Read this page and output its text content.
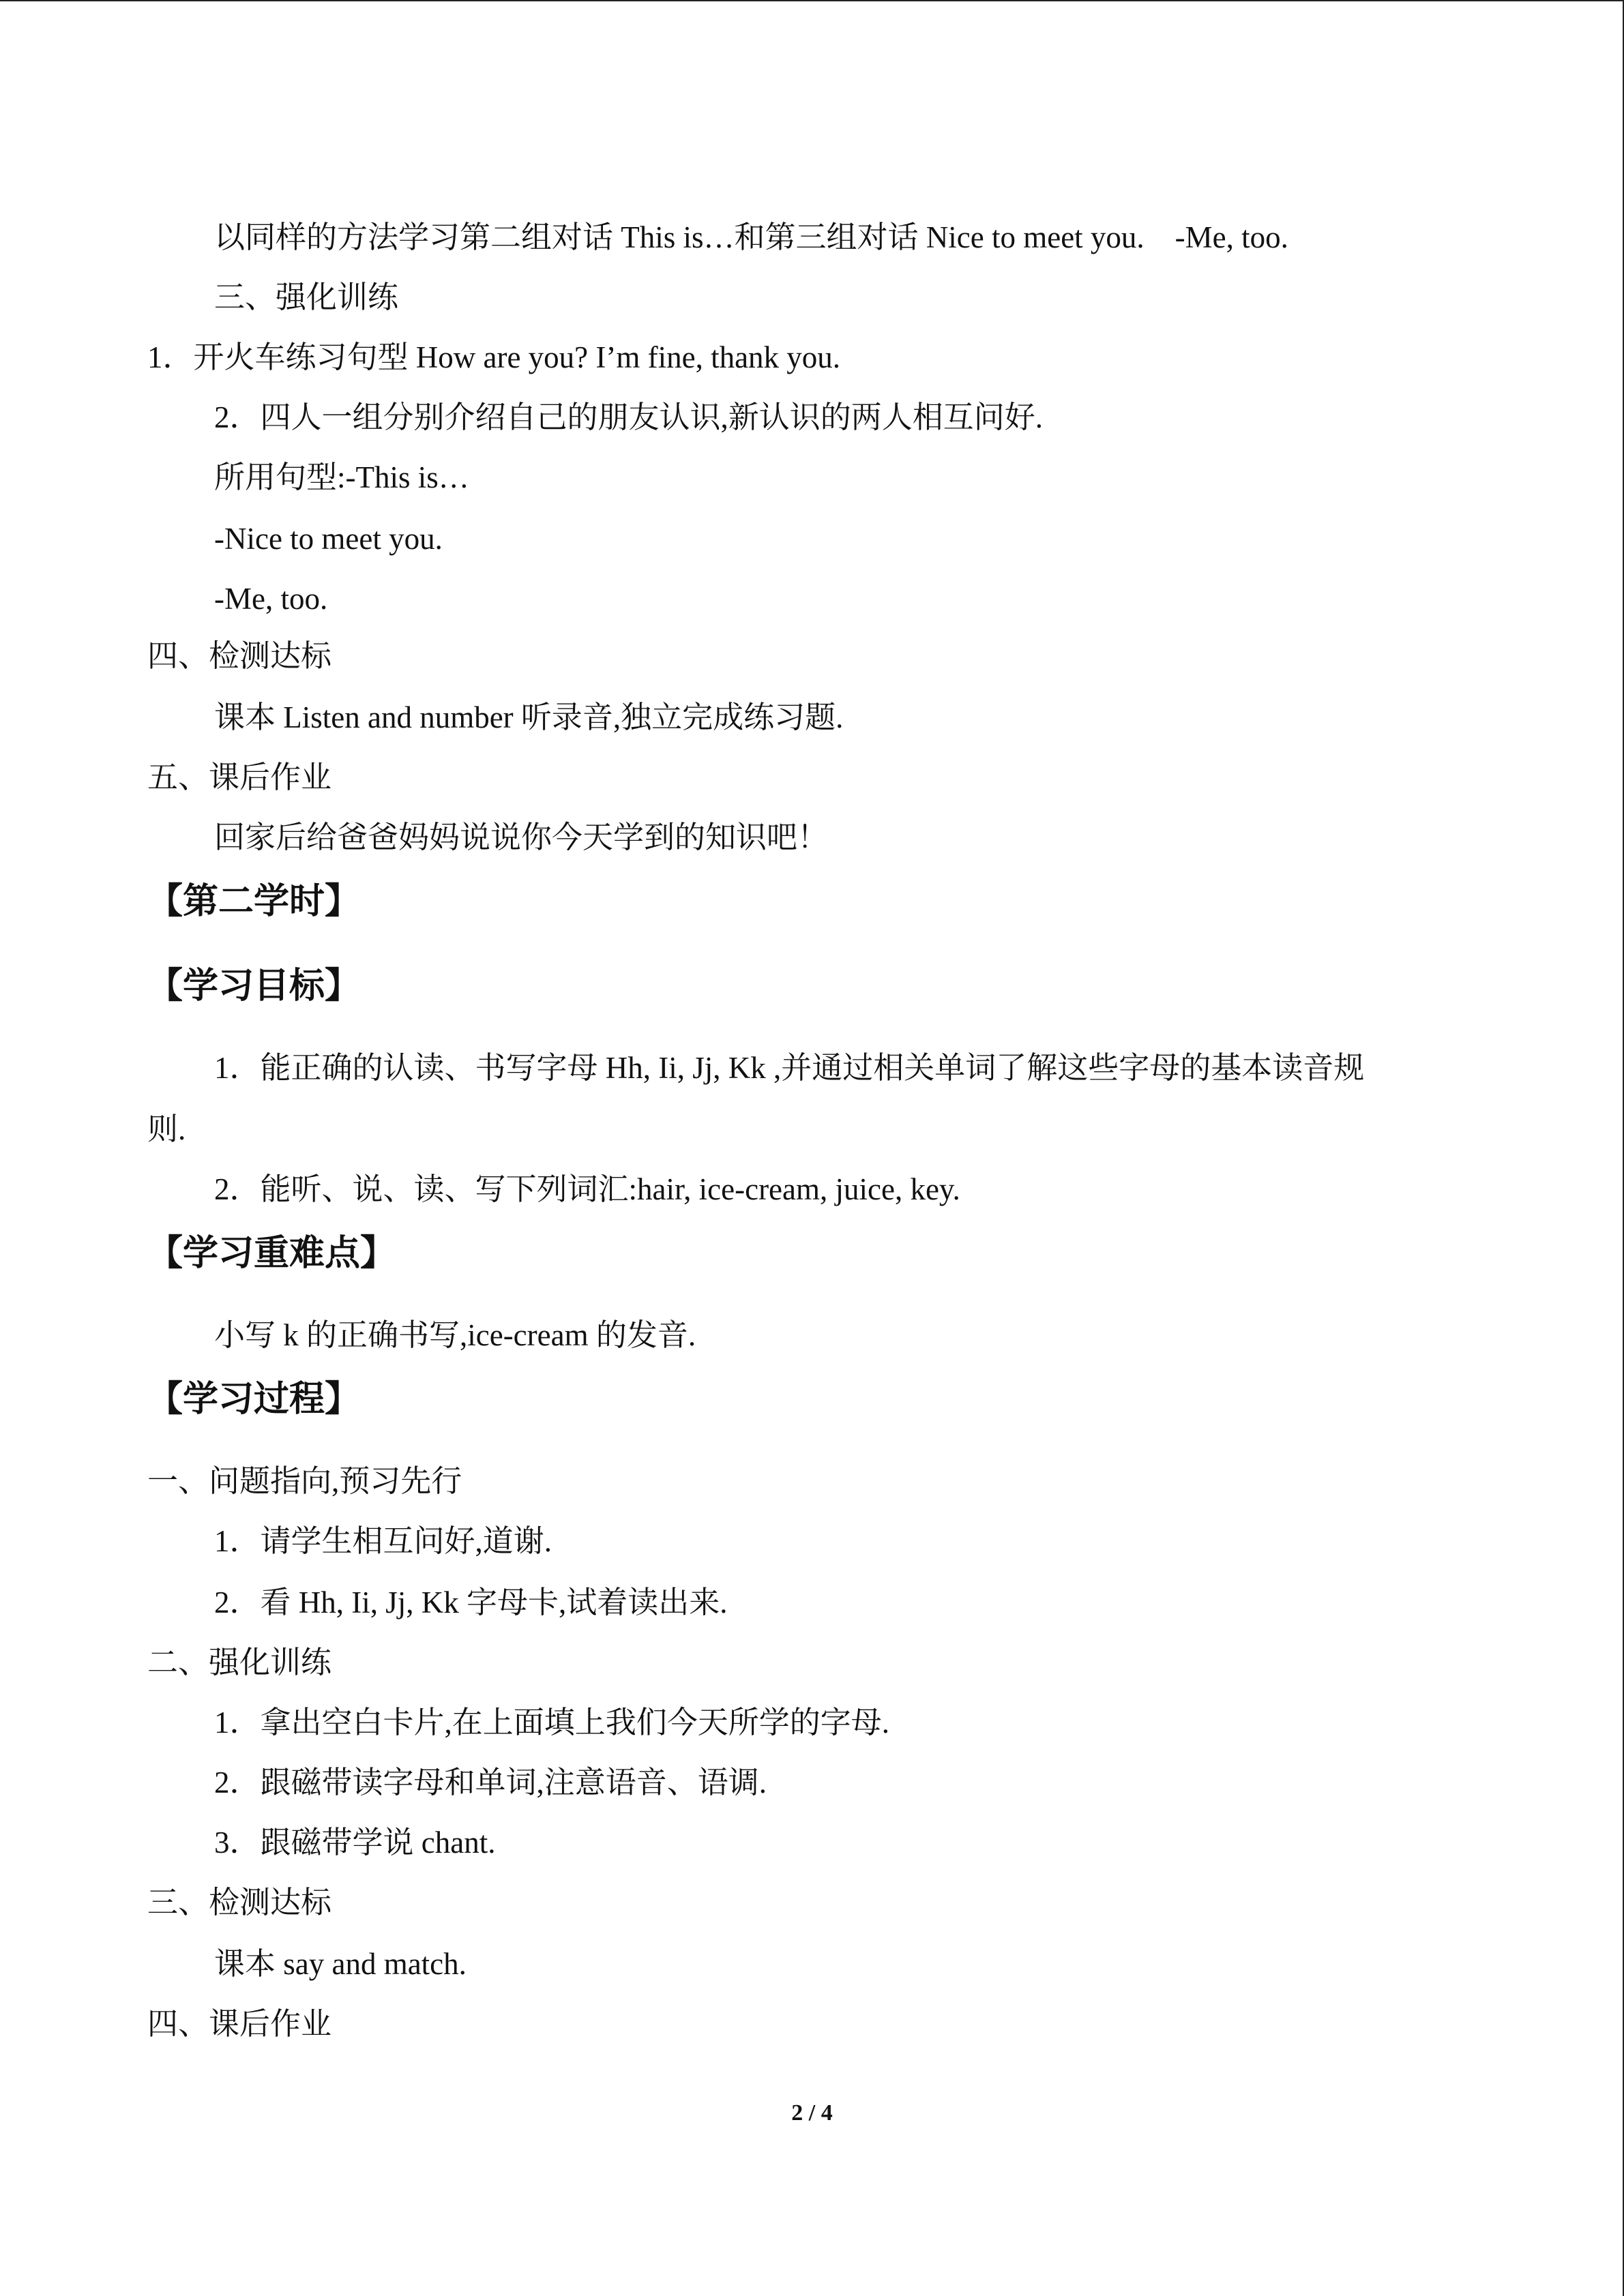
以同样的方法学习第二组对话 This is…和第三组对话 Nice to meet you.　-Me, too.
三、强化训练
1．开火车练习句型 How are you? I’m fine, thank you.
2．四人一组分别介绍自己的朋友认识,新认识的两人相互问好.
所用句型:-This is…
-Nice to meet you.
-Me, too.
四、检测达标
课本 Listen and number 听录音,独立完成练习题.
五、课后作业
回家后给爸爸妈妈说说你今天学到的知识吧！
【第二学时】
【学习目标】
1．能正确的认读、书写字母 Hh, Ii, Jj, Kk ,并通过相关单词了解这些字母的基本读音规
则.
2．能听、说、读、写下列词汇:hair, ice-cream, juice, key.
【学习重难点】
小写 k 的正确书写,ice-cream 的发音.
【学习过程】
一、问题指向,预习先行
1．请学生相互问好,道谢.
2．看 Hh, Ii, Jj, Kk 字母卡,试着读出来.
二、强化训练
1．拿出空白卡片,在上面填上我们今天所学的字母.
2．跟磁带读字母和单词,注意语音、语调.
3．跟磁带学说 chant.
三、检测达标
课本 say and match.
四、课后作业
2 / 4
